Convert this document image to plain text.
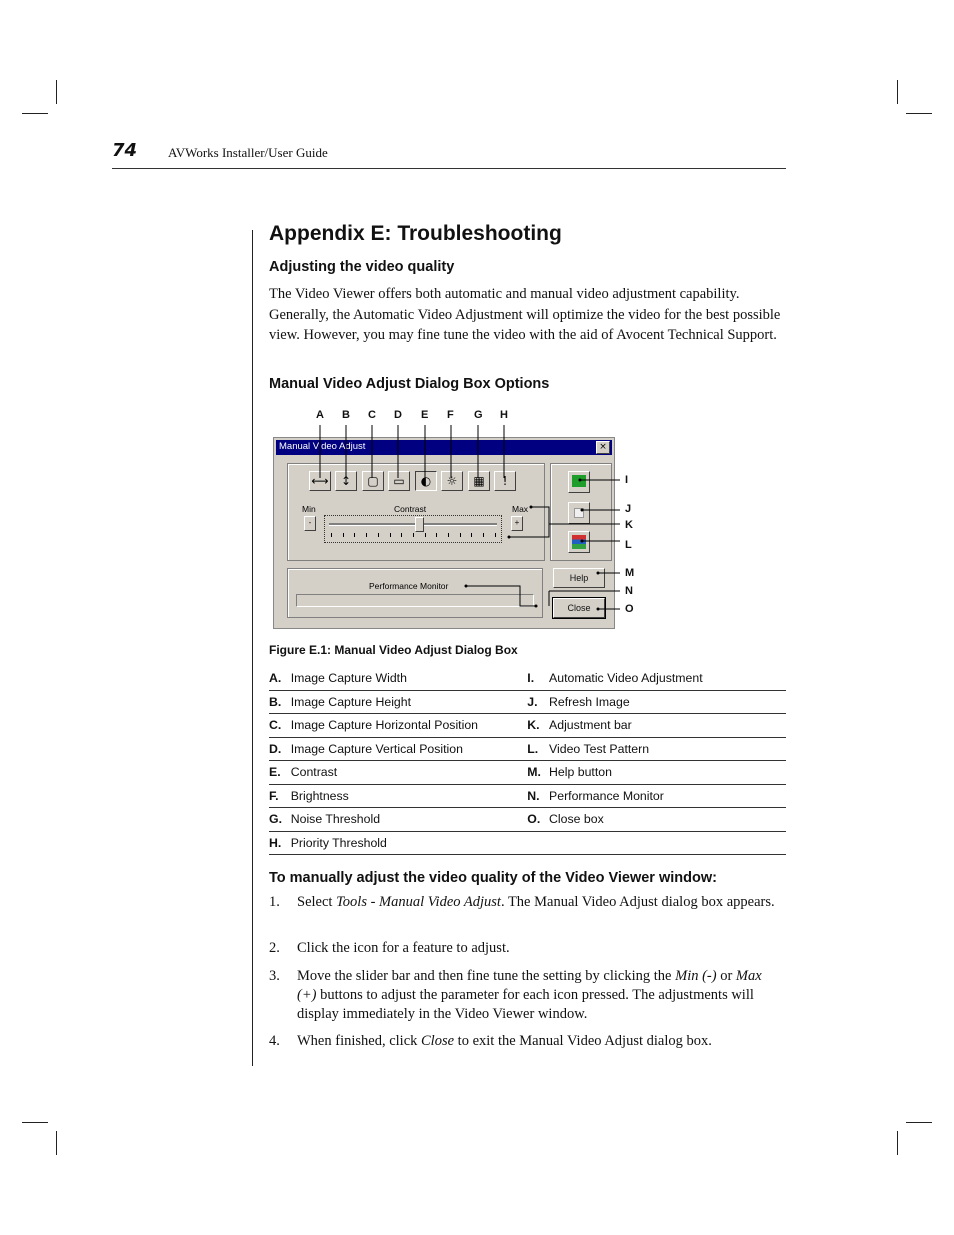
74 AVWorks Installer/User Guide
Appendix E: Troubleshooting
Adjusting the video quality
The Video Viewer offers both automatic and manual video adjustment capability. Generally, the Automatic Video Adjustment will optimize the video for the best possible view. However, you may fine tune the video with the aid of Avocent Technical Support.
Manual Video Adjust Dialog Box Options
A B C D E F G H
I
J
K
L
M
N
O
Manual Video Adjust	×
⟷	↕	▢	▭	◐	☼	▦	!
Min	Max
Contrast
-	+
Performance Monitor
Help
Close
Figure E.1: Manual Video Adjust Dialog Box
A.	Image Capture Width	I.	Automatic Video Adjustment
B.	Image Capture Height	J.	Refresh Image
C.	Image Capture Horizontal Position	K.	Adjustment bar
D.	Image Capture Vertical Position	L.	Video Test Pattern
E.	Contrast	M.	Help button
F.	Brightness	N.	Performance Monitor
G.	Noise Threshold	O.	Close box
H.	Priority Threshold		
To manually adjust the video quality of the Video Viewer window:
1. Select Tools - Manual Video Adjust. The Manual Video Adjust dialog box appears.
2. Click the icon for a feature to adjust.
3. Move the slider bar and then fine tune the setting by clicking the Min (-) or Max (+) buttons to adjust the parameter for each icon pressed. The adjustments will display immediately in the Video Viewer window.
4. When finished, click Close to exit the Manual Video Adjust dialog box.
